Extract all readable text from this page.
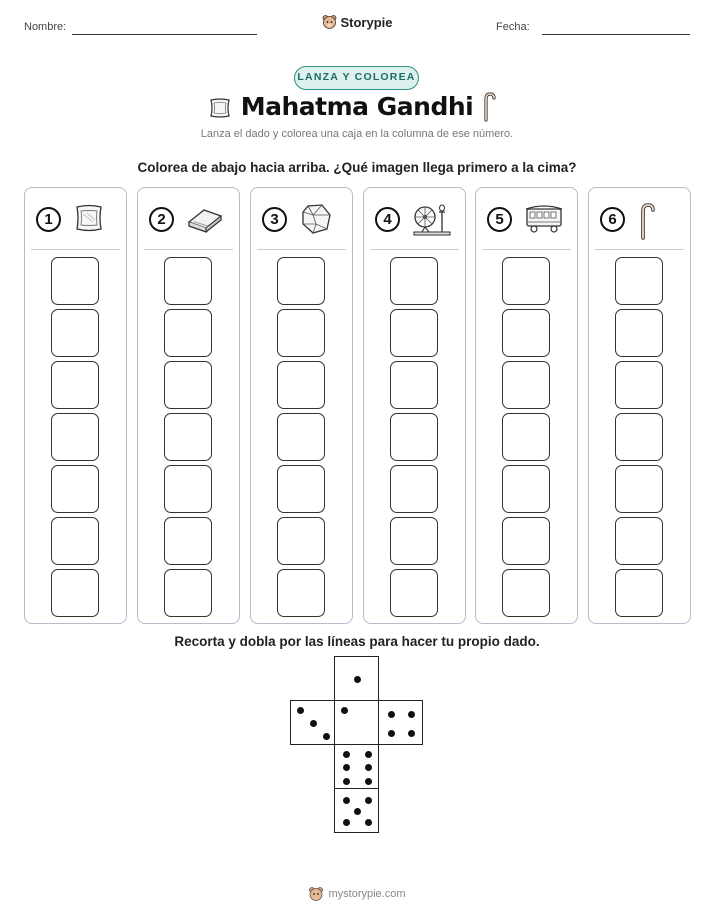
Nombre:	Storypie	Fecha:
LANZA Y COLOREA
Mahatma Gandhi
Lanza el dado y colorea una caja en la columna de ese número.
Colorea de abajo hacia arriba. ¿Qué imagen llega primero a la cima?
1	2	3	4	5	6
Recorta y dobla por las líneas para hacer tu propio dado.
mystorypie.com
